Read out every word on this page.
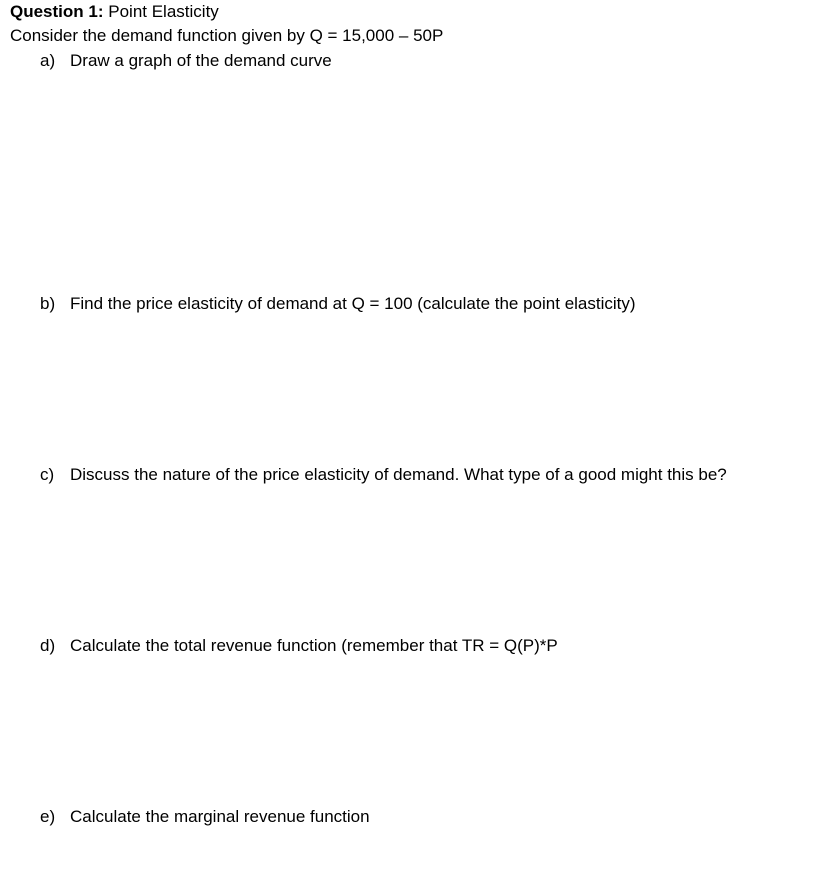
Question 1: Point Elasticity
Consider the demand function given by Q = 15,000 – 50P
a) Draw a graph of the demand curve
b) Find the price elasticity of demand at Q = 100 (calculate the point elasticity)
c) Discuss the nature of the price elasticity of demand. What type of a good might this be?
d) Calculate the total revenue function (remember that TR = Q(P)*P
e) Calculate the marginal revenue function
